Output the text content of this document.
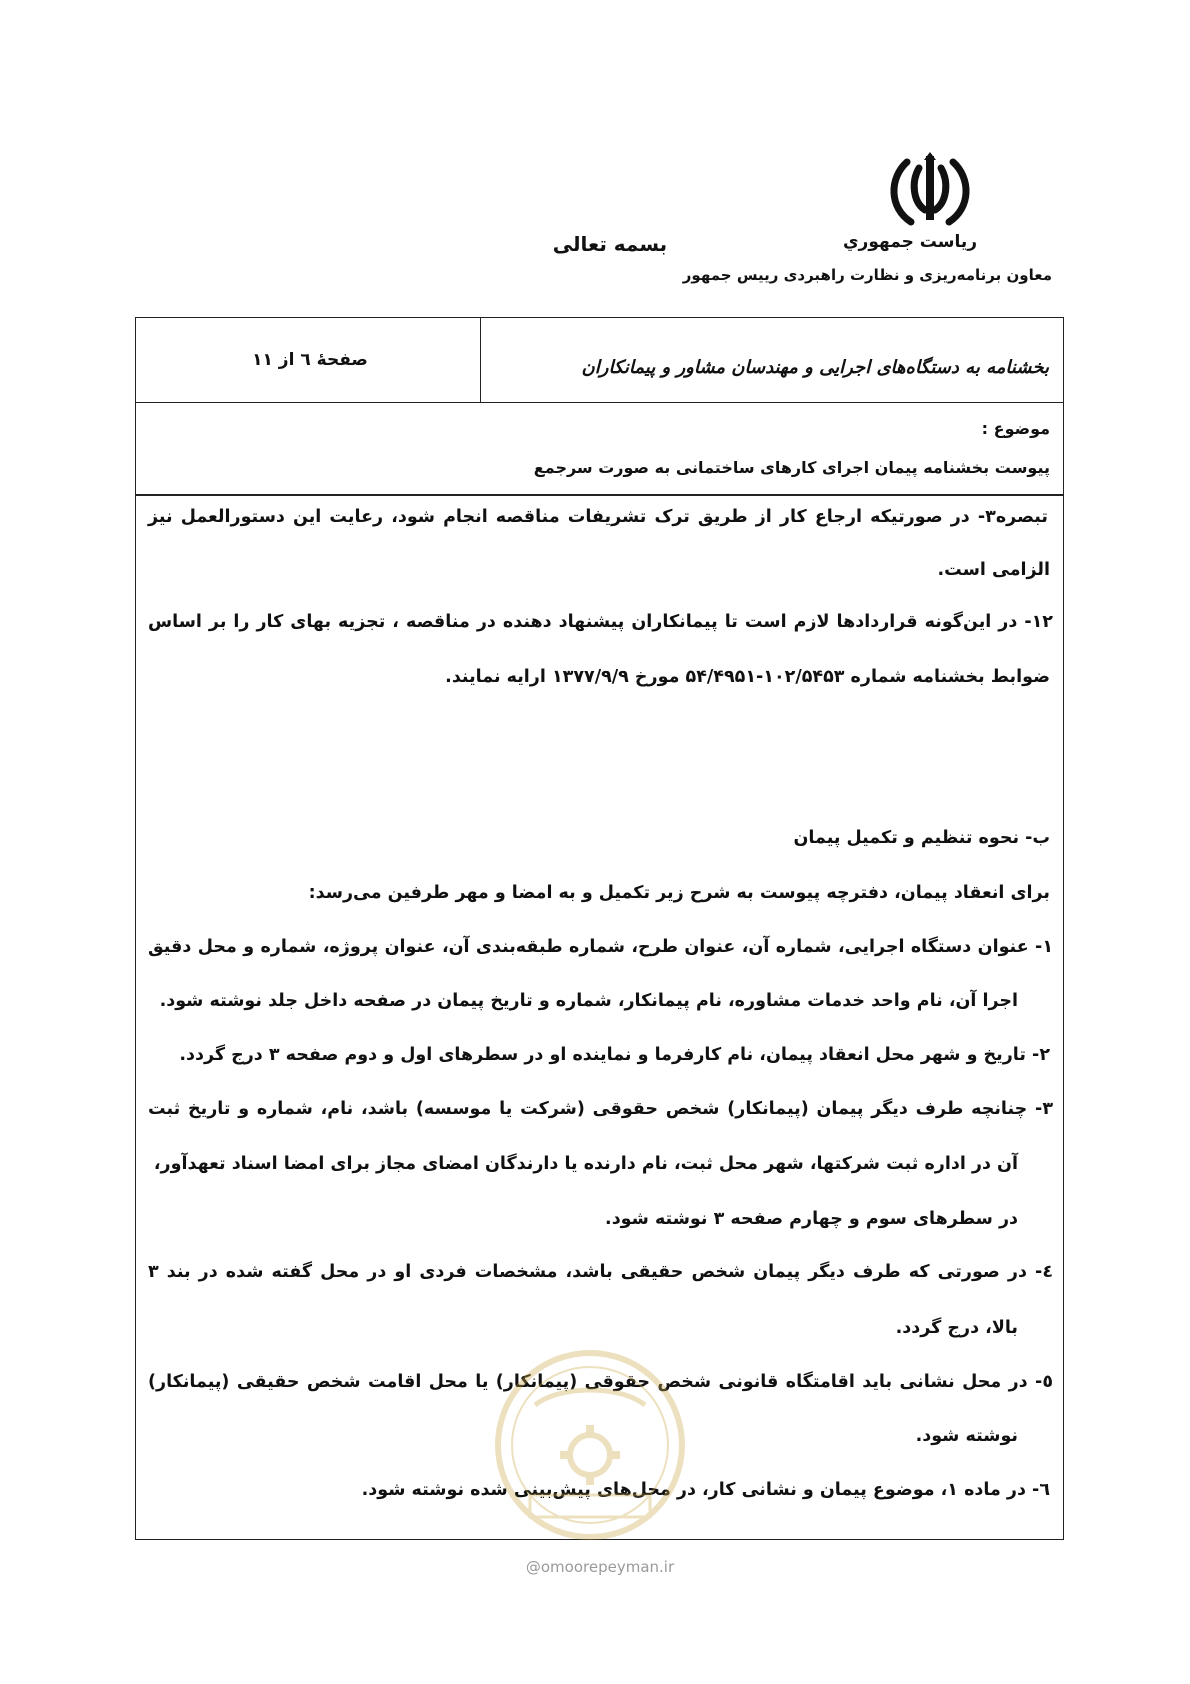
بسمه تعالی	رياست جمهوري
معاون برنامه‌ریزی و نظارت راهبردی رییس جمهور
بخشنامه به دستگاه‌های اجرایی و مهندسان مشاور و پیمانکاران
صفحهٔ ٦ از ١١
موضوع :
پیوست بخشنامه پیمان اجرای کارهای ساختمانی به صورت سرجمع
تبصره۳- در صورتیکه ارجاع کار از طریق ترک تشریفات مناقصه انجام شود، رعایت این دستورالعمل نیز
الزامی است.
۱۲- در این‌گونه قراردادها لازم است تا پیمانکاران پیشنهاد دهنده در مناقصه ، تجزیه بهای کار را بر اساس
ضوابط بخشنامه شماره ۱۰۲/۵۴۵۳-۵۴/۴۹۵۱ مورخ ۱۳۷۷/۹/۹ ارایه نمایند.
ب- نحوه تنظیم و تکمیل پیمان
برای انعقاد پیمان، دفترچه پیوست به شرح زیر تکمیل و به امضا و مهر طرفین می‌رسد:
۱- عنوان دستگاه اجرایی، شماره آن، عنوان طرح، شماره طبقه‌بندی آن، عنوان پروژه، شماره و محل دقیق
اجرا آن، نام واحد خدمات مشاوره، نام پیمانکار، شماره و تاریخ پیمان در صفحه داخل جلد نوشته شود.
۲- تاریخ و شهر محل انعقاد پیمان، نام کارفرما و نماینده او در سطرهای اول و دوم صفحه ۳ درج گردد.
۳- چنانچه طرف دیگر پیمان (پیمانکار) شخص حقوقی (شرکت یا موسسه) باشد، نام، شماره و تاریخ ثبت
آن در اداره ثبت شرکتها، شهر محل ثبت، نام دارنده یا دارندگان امضای مجاز برای امضا اسناد تعهدآور،
در سطرهای سوم و چهارم صفحه ۳ نوشته شود.
٤- در صورتی که طرف دیگر پیمان شخص حقیقی باشد، مشخصات فردی او در محل گفته شده در بند ۳
بالا، درج گردد.
٥- در محل نشانی باید اقامتگاه قانونی شخص حقوقی (پیمانکار) یا محل اقامت شخص حقیقی (پیمانکار)
نوشته شود.
٦- در ماده ۱، موضوع پیمان و نشانی کار، در محل‌های پیش‌بینی شده نوشته شود.
@omoorepeyman.ir
